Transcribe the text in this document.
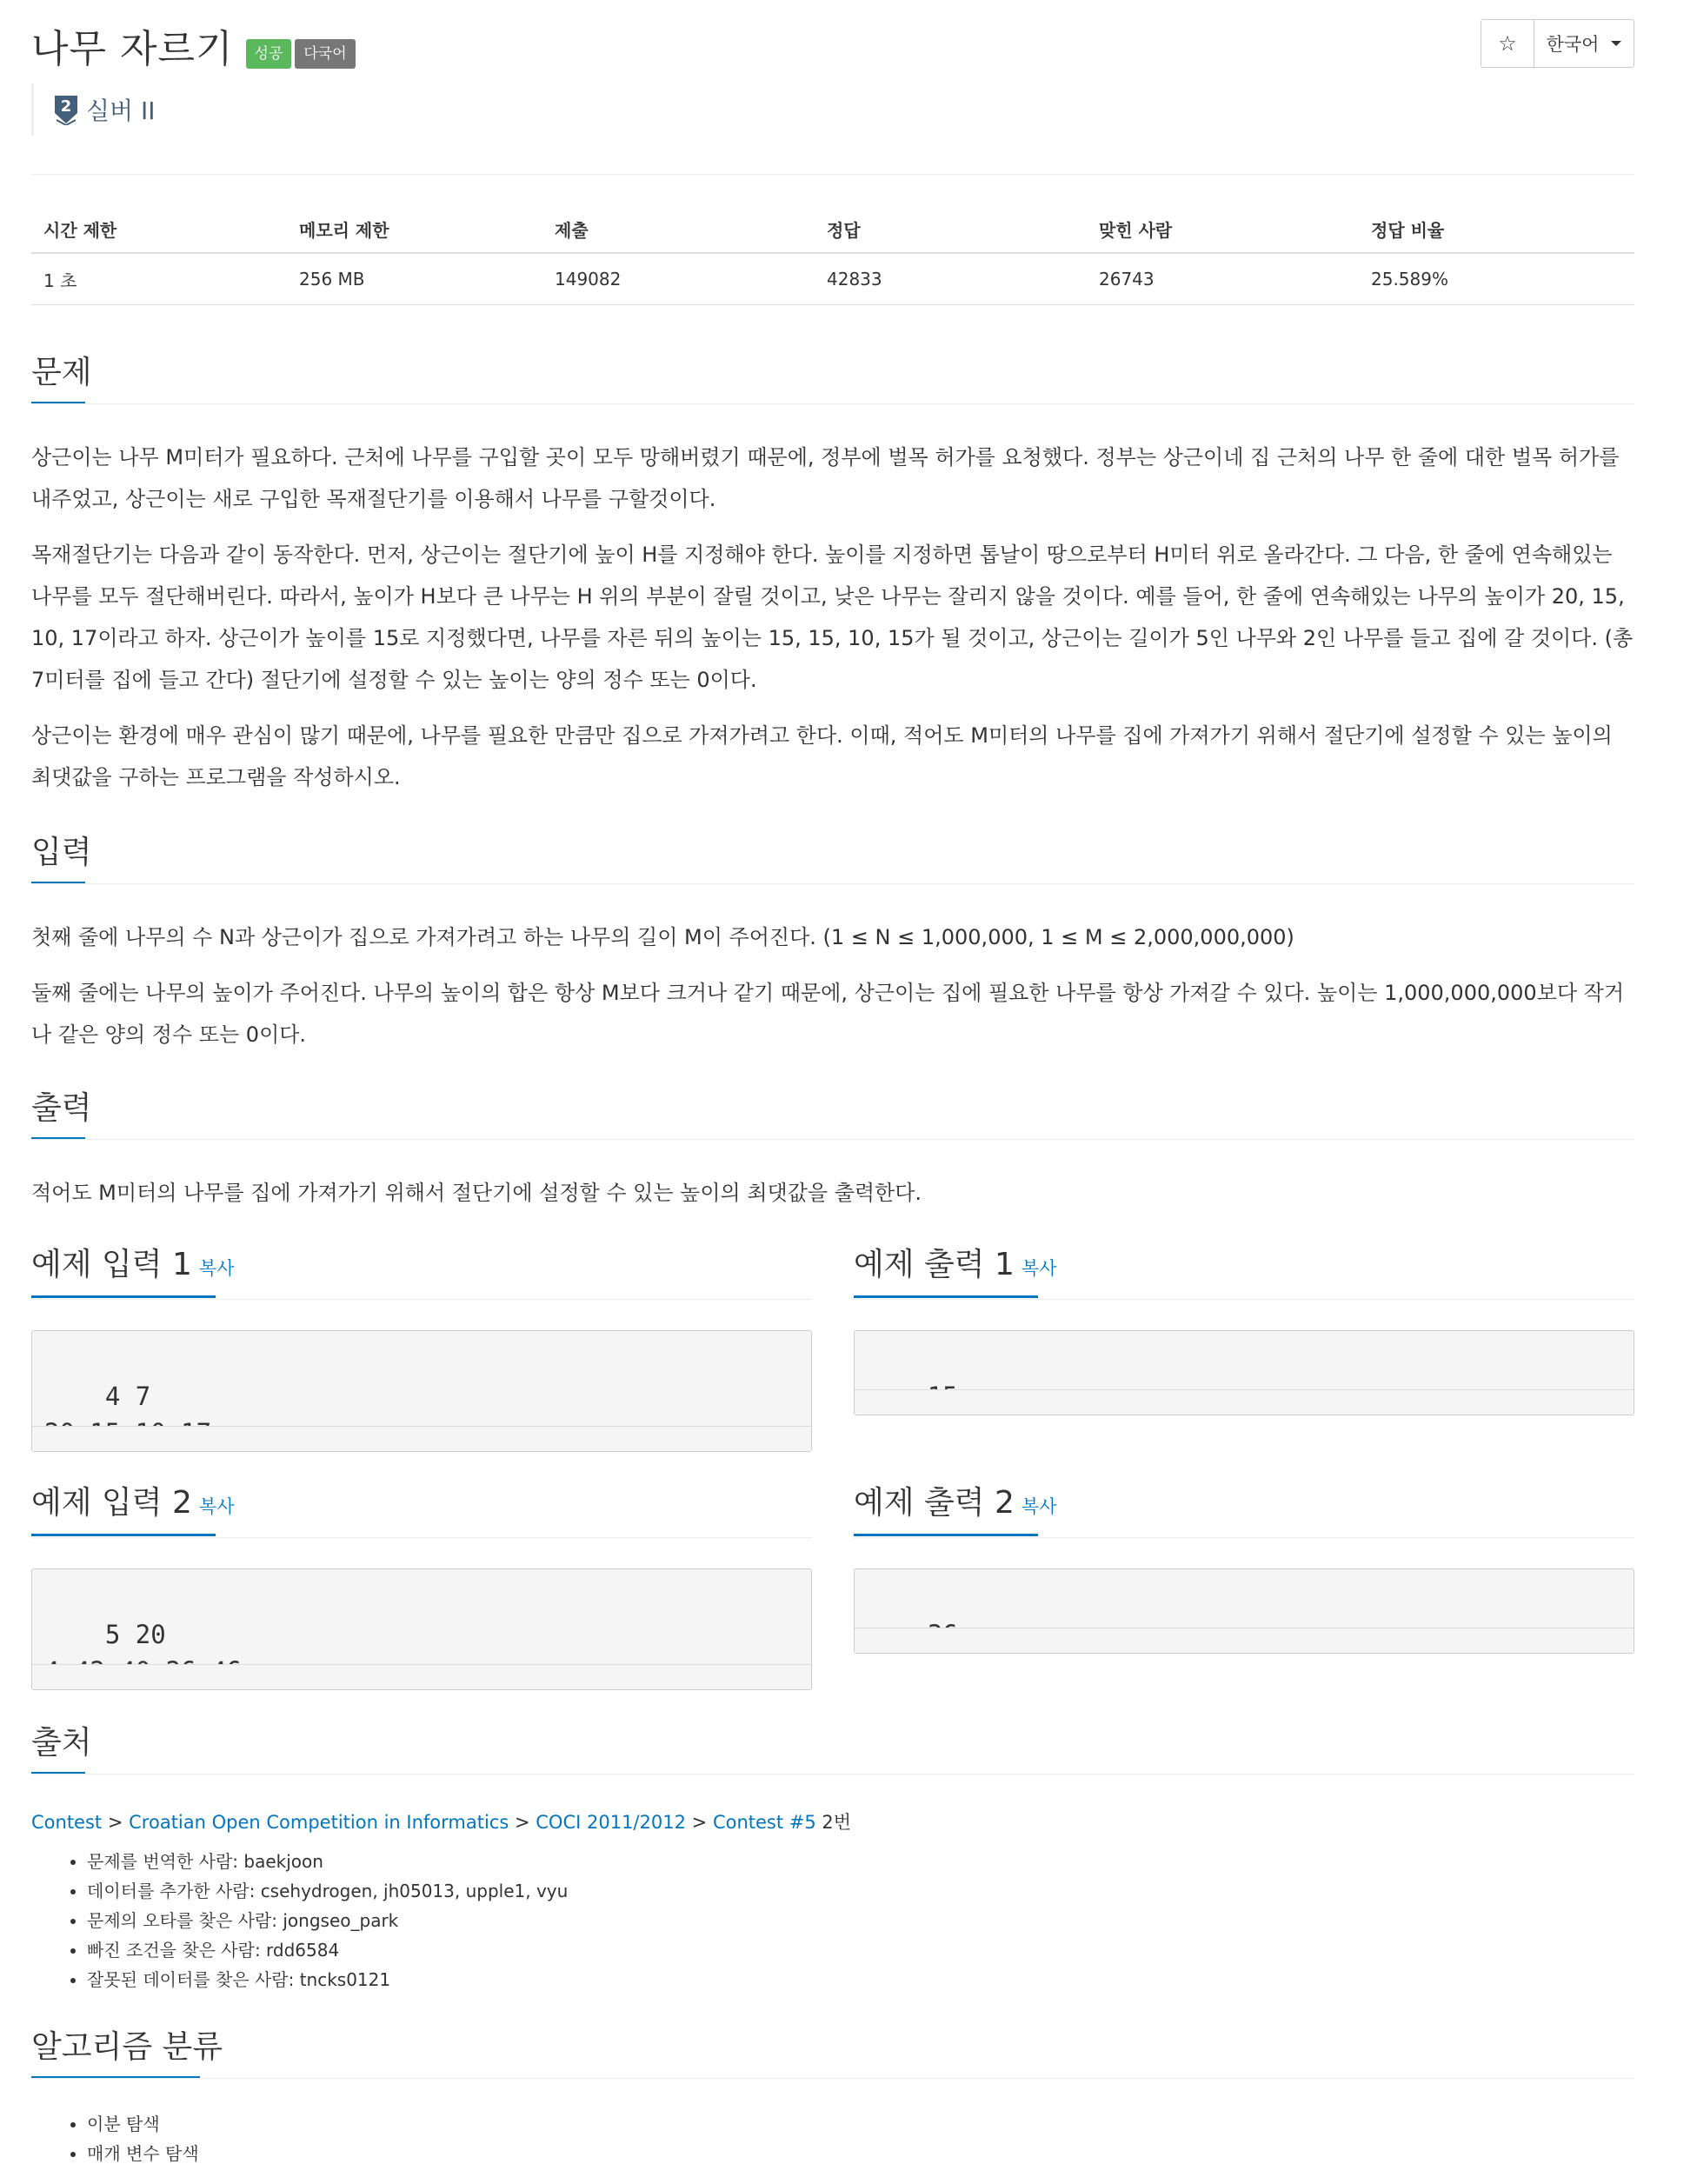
나무 자르기	성공	다국어	☆ 한국어
2 실버 II
시간 제한	메모리 제한	제출	정답	맞힌 사람	정답 비율
1 초	256 MB	149082	42833	26743	25.589%
문제
상근이는 나무 M미터가 필요하다. 근처에 나무를 구입할 곳이 모두 망해버렸기 때문에, 정부에 벌목 허가를 요청했다. 정부는 상근이네 집 근처의 나무 한 줄에 대한 벌목 허가를 내주었고, 상근이는 새로 구입한 목재절단기를 이용해서 나무를 구할것이다.
목재절단기는 다음과 같이 동작한다. 먼저, 상근이는 절단기에 높이 H를 지정해야 한다. 높이를 지정하면 톱날이 땅으로부터 H미터 위로 올라간다. 그 다음, 한 줄에 연속해있는 나무를 모두 절단해버린다. 따라서, 높이가 H보다 큰 나무는 H 위의 부분이 잘릴 것이고, 낮은 나무는 잘리지 않을 것이다. 예를 들어, 한 줄에 연속해있는 나무의 높이가 20, 15, 10, 17이라고 하자. 상근이가 높이를 15로 지정했다면, 나무를 자른 뒤의 높이는 15, 15, 10, 15가 될 것이고, 상근이는 길이가 5인 나무와 2인 나무를 들고 집에 갈 것이다. (총 7미터를 집에 들고 간다) 절단기에 설정할 수 있는 높이는 양의 정수 또는 0이다.
상근이는 환경에 매우 관심이 많기 때문에, 나무를 필요한 만큼만 집으로 가져가려고 한다. 이때, 적어도 M미터의 나무를 집에 가져가기 위해서 절단기에 설정할 수 있는 높이의 최댓값을 구하는 프로그램을 작성하시오.
입력
첫째 줄에 나무의 수 N과 상근이가 집으로 가져가려고 하는 나무의 길이 M이 주어진다. (1 ≤ N ≤ 1,000,000, 1 ≤ M ≤ 2,000,000,000)
둘째 줄에는 나무의 높이가 주어진다. 나무의 높이의 합은 항상 M보다 크거나 같기 때문에, 상근이는 집에 필요한 나무를 항상 가져갈 수 있다. 높이는 1,000,000,000보다 작거나 같은 양의 정수 또는 0이다.
출력
적어도 M미터의 나무를 집에 가져가기 위해서 절단기에 설정할 수 있는 높이의 최댓값을 출력한다.
예제 입력 1 복사

4 7

예제 출력 1 복사

예제 입력 2 복사

5 20

예제 출력 2 복사

출처
Contest > Croatian Open Competition in Informatics > COCI 2011/2012 > Contest #5 2번
• 문제를 번역한 사람: baekjoon
• 데이터를 추가한 사람: csehydrogen, jh05013, upple1, vyu
• 문제의 오타를 찾은 사람: jongseo_park
• 빠진 조건을 찾은 사람: rdd6584
• 잘못된 데이터를 찾은 사람: tncks0121
알고리즘 분류
• 이분 탐색
• 매개 변수 탐색
